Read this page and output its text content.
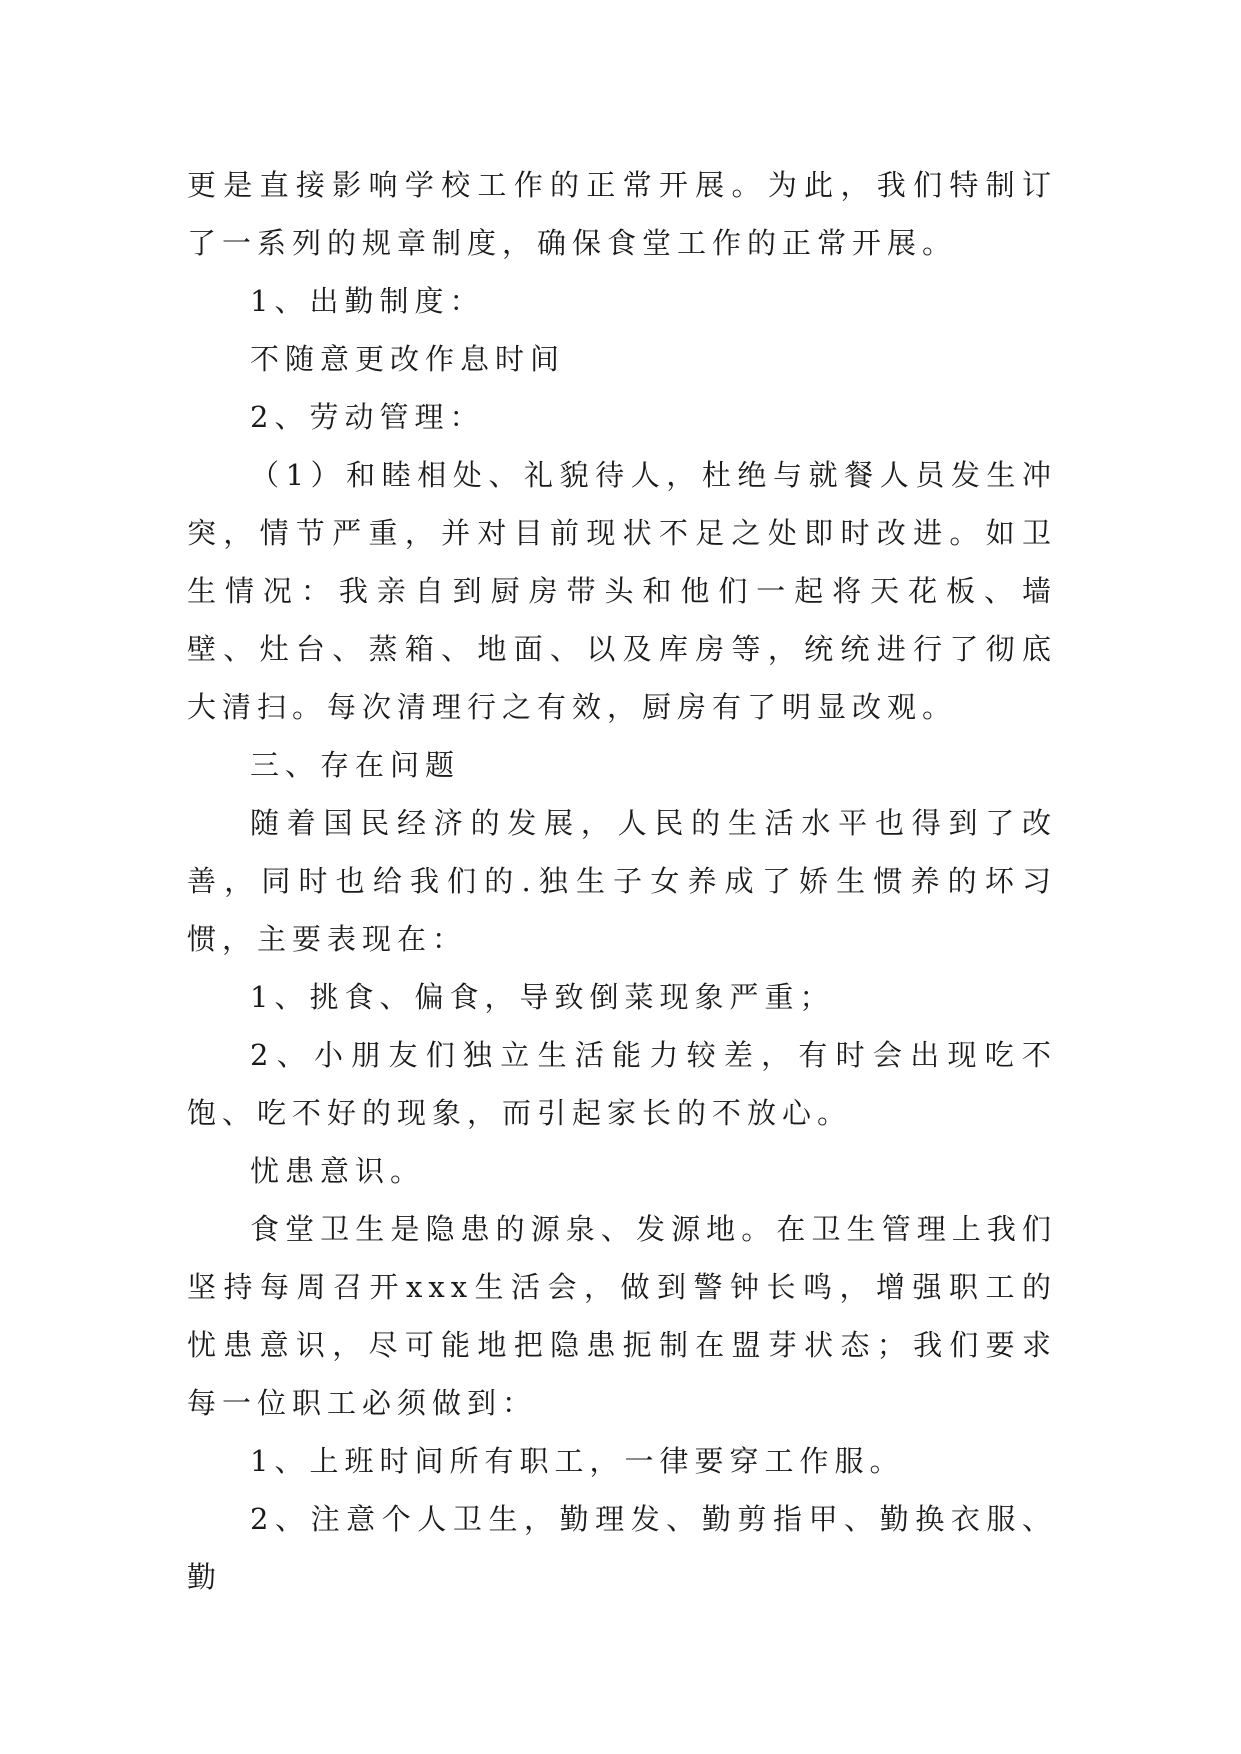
更是直接影响学校工作的正常开展。为此，我们特制订了一系列的规章制度，确保食堂工作的正常开展。

1、出勤制度：

不随意更改作息时间

2、劳动管理：

（1）和睦相处、礼貌待人，杜绝与就餐人员发生冲突，情节严重，并对目前现状不足之处即时改进。如卫生情况：我亲自到厨房带头和他们一起将天花板、墙壁、灶台、蒸箱、地面、以及库房等，统统进行了彻底大清扫。每次清理行之有效，厨房有了明显改观。

三、存在问题

随着国民经济的发展，人民的生活水平也得到了改善，同时也给我们的.独生子女养成了娇生惯养的坏习惯，主要表现在：

1、挑食、偏食，导致倒菜现象严重；

2、小朋友们独立生活能力较差，有时会出现吃不饱、吃不好的现象，而引起家长的不放心。

忧患意识。

食堂卫生是隐患的源泉、发源地。在卫生管理上我们坚持每周召开xxx生活会，做到警钟长鸣，增强职工的忧患意识，尽可能地把隐患扼制在盟芽状态；我们要求每一位职工必须做到：

1、上班时间所有职工，一律要穿工作服。

2、注意个人卫生，勤理发、勤剪指甲、勤换衣服、勤
